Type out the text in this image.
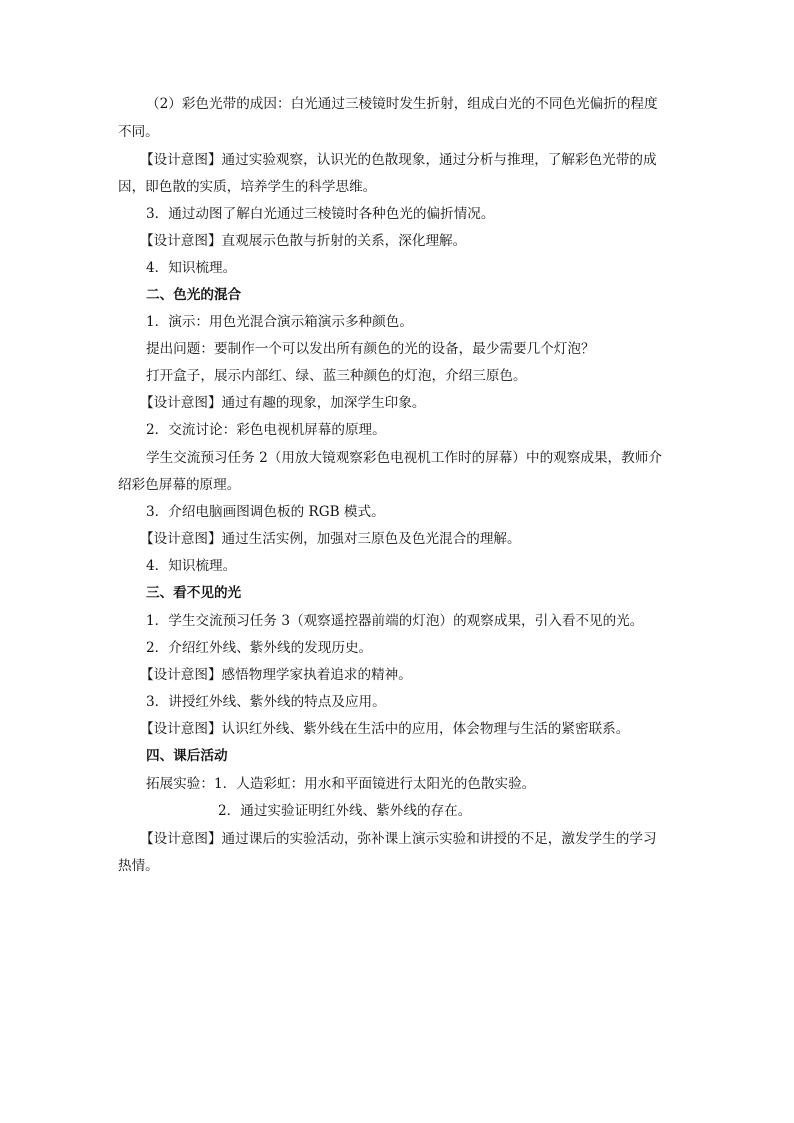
（2）彩色光带的成因：白光通过三棱镜时发生折射，组成白光的不同色光偏折的程度
不同。
【设计意图】通过实验观察，认识光的色散现象，通过分析与推理，了解彩色光带的成
因，即色散的实质，培养学生的科学思维。
3．通过动图了解白光通过三棱镜时各种色光的偏折情况。
【设计意图】直观展示色散与折射的关系，深化理解。
4．知识梳理。
二、色光的混合
1．演示：用色光混合演示箱演示多种颜色。
提出问题：要制作一个可以发出所有颜色的光的设备，最少需要几个灯泡？
打开盒子，展示内部红、绿、蓝三种颜色的灯泡，介绍三原色。
【设计意图】通过有趣的现象，加深学生印象。
2．交流讨论：彩色电视机屏幕的原理。
学生交流预习任务 2（用放大镜观察彩色电视机工作时的屏幕）中的观察成果，教师介
绍彩色屏幕的原理。
3．介绍电脑画图调色板的 RGB 模式。
【设计意图】通过生活实例，加强对三原色及色光混合的理解。
4．知识梳理。
三、看不见的光
1．学生交流预习任务 3（观察遥控器前端的灯泡）的观察成果，引入看不见的光。
2．介绍红外线、紫外线的发现历史。
【设计意图】感悟物理学家执着追求的精神。
3．讲授红外线、紫外线的特点及应用。
【设计意图】认识红外线、紫外线在生活中的应用，体会物理与生活的紧密联系。
四、课后活动
拓展实验：1．人造彩虹：用水和平面镜进行太阳光的色散实验。
2．通过实验证明红外线、紫外线的存在。
【设计意图】通过课后的实验活动，弥补课上演示实验和讲授的不足，激发学生的学习
热情。
